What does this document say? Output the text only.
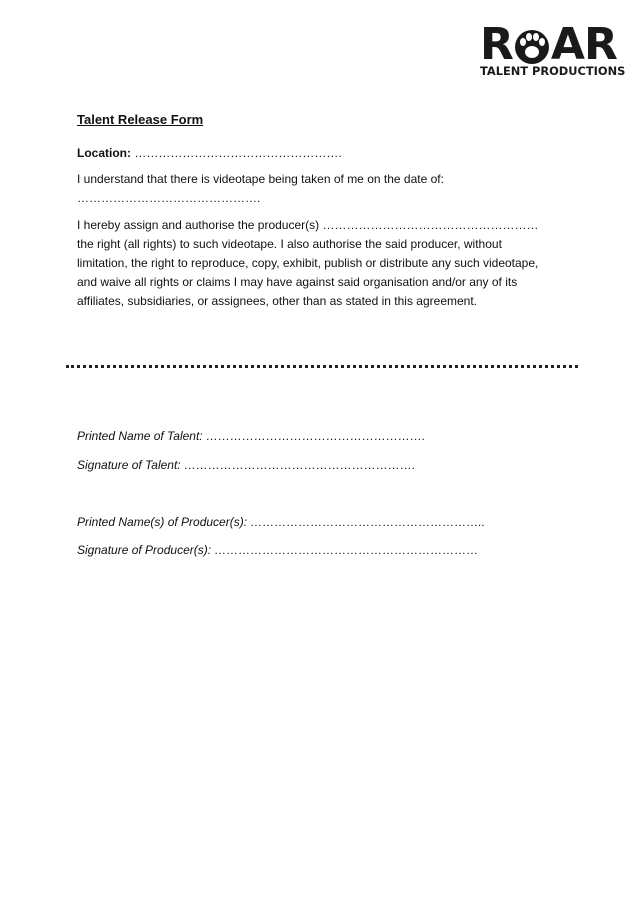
R AR
TALENT PRODUCTIONS
Talent Release Form
Location: …………………………………………….
I understand that there is videotape being taken of me on the date of:
……………………………………….
I hereby assign and authorise the producer(s) ……………………………………………… the right (all rights) to such videotape. I also authorise the said producer, without limitation, the right to reproduce, copy, exhibit, publish or distribute any such videotape, and waive all rights or claims I may have against said organisation and/or any of its affiliates, subsidiaries, or assignees, other than as stated in this agreement.
Printed Name of Talent: ……………………………………………….
Signature of Talent: ………………………………………………….
Printed Name(s) of Producer(s): …………………………………………………..
Signature of Producer(s): …………………………………………………………
